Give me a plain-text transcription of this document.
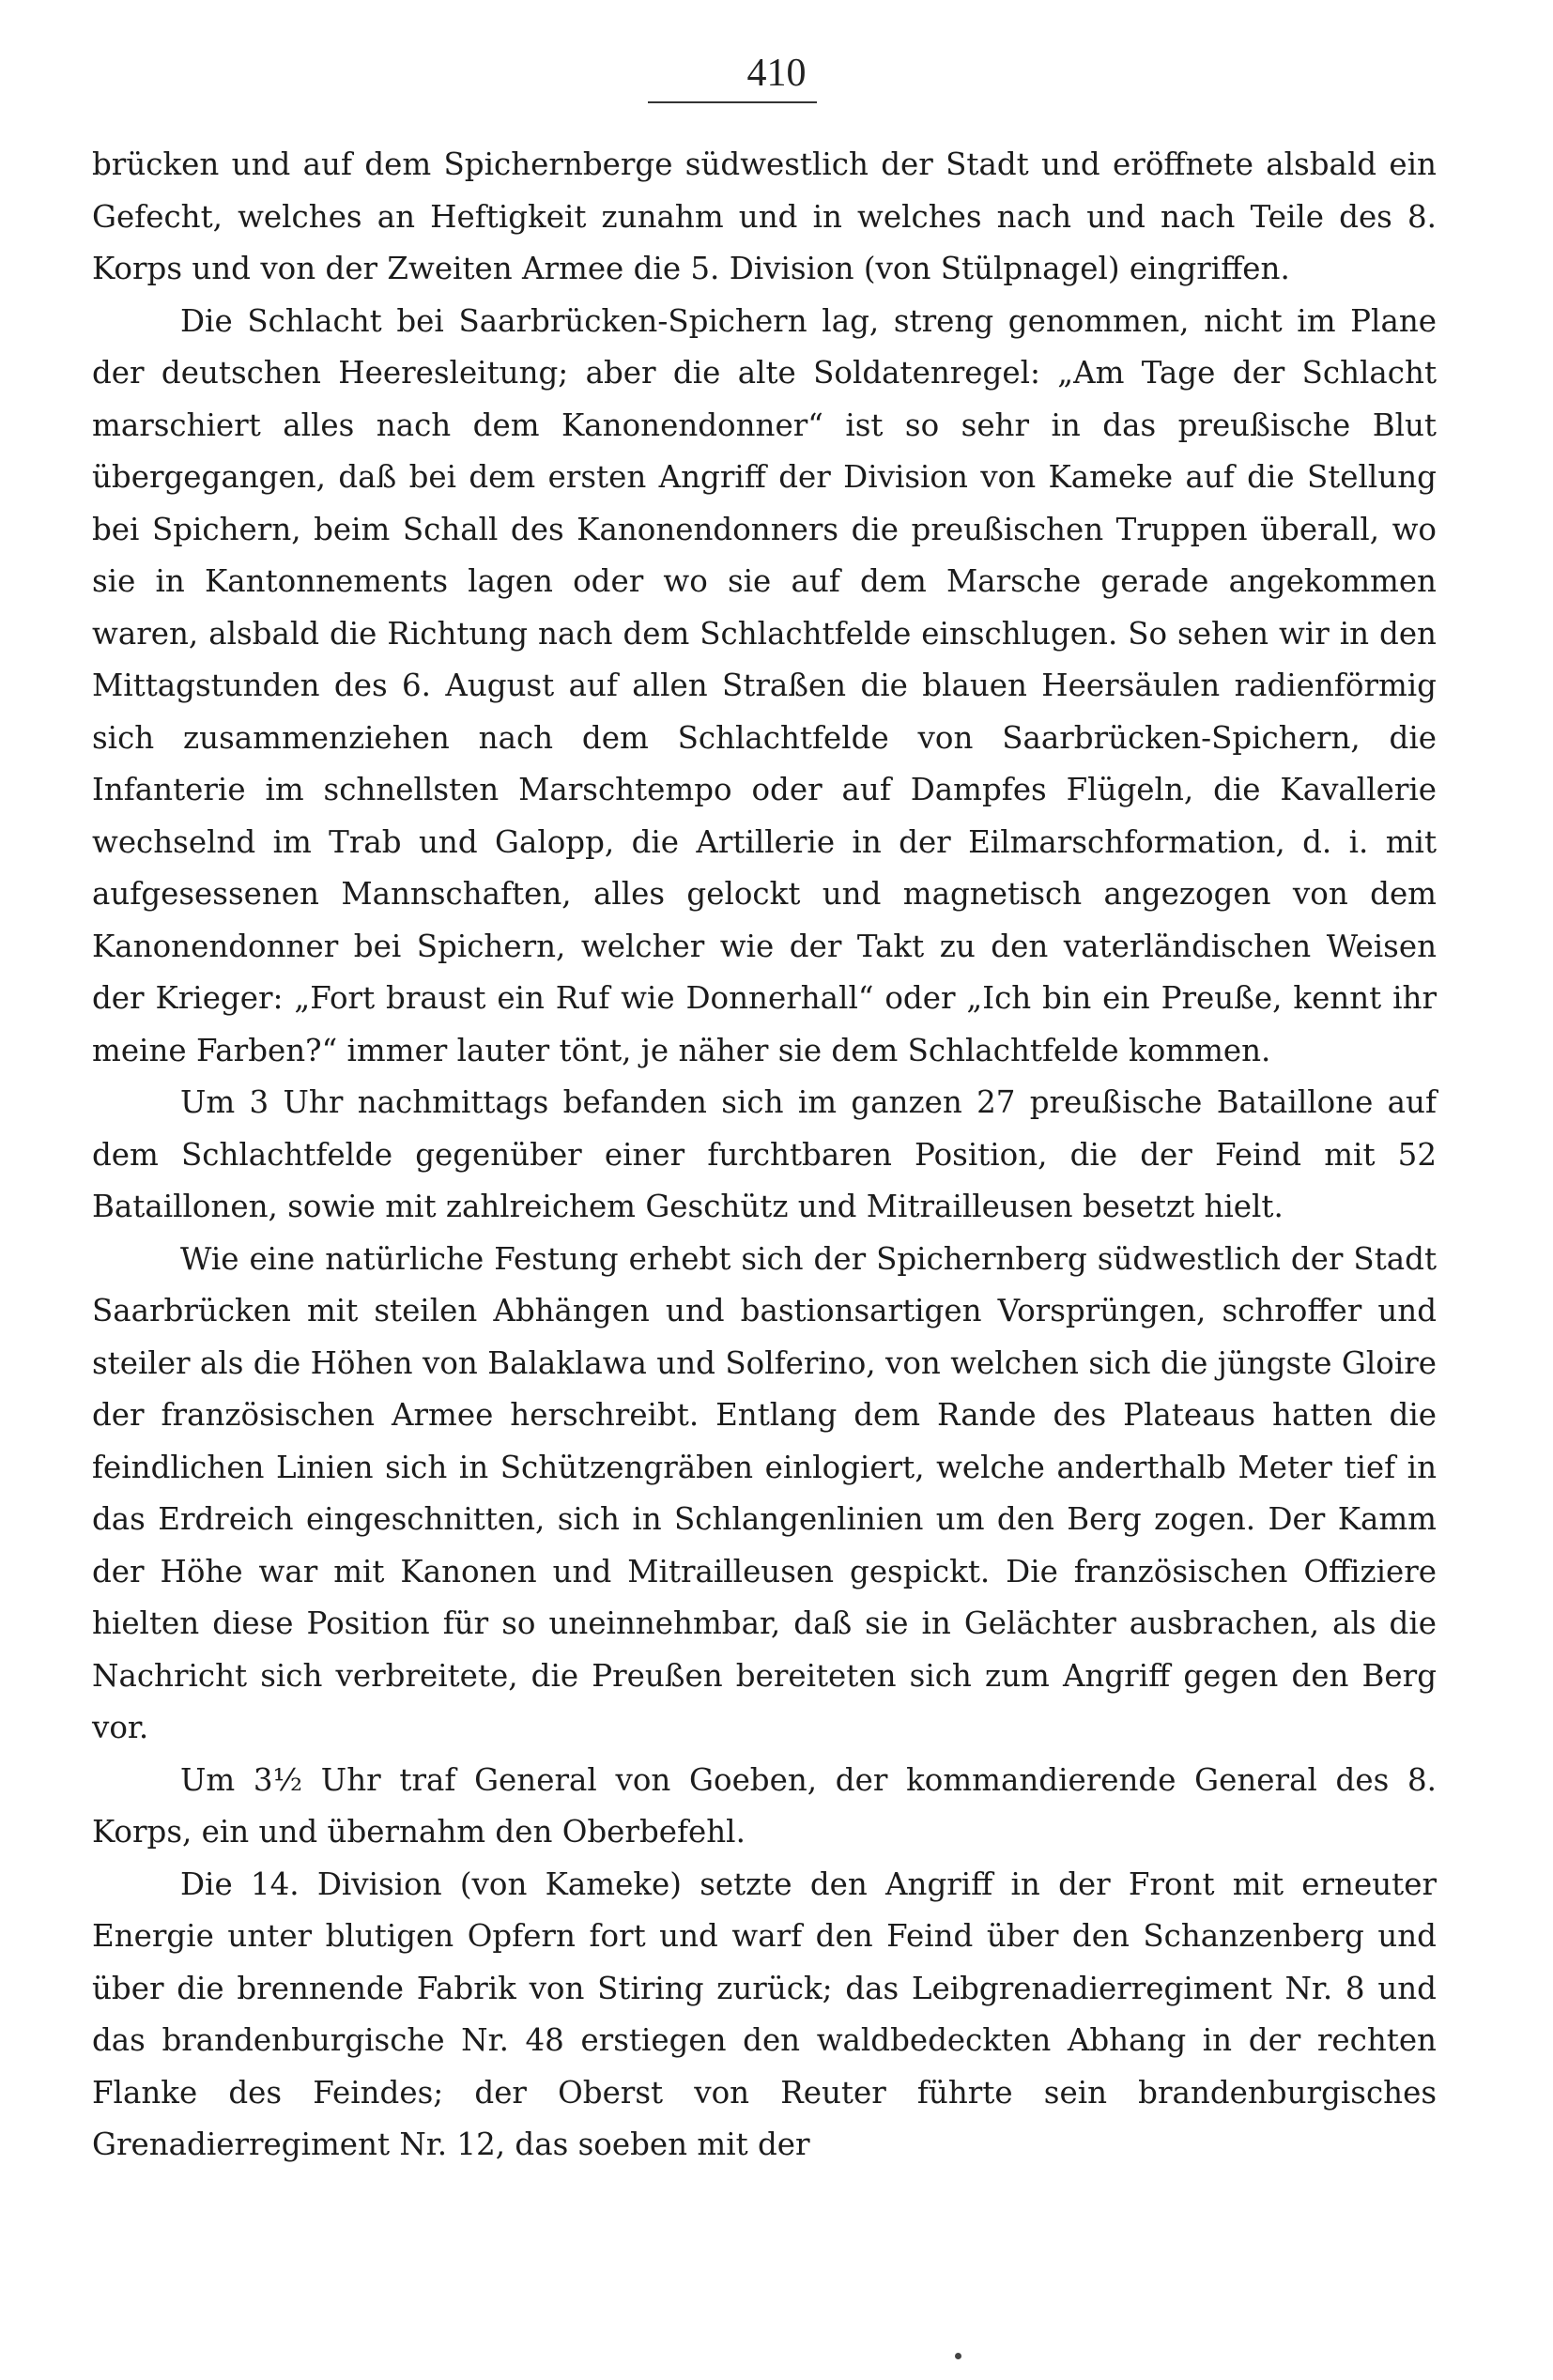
410

brücken und auf dem Spichernberge südwestlich der Stadt und eröffnete alsbald ein Gefecht, welches an Heftigkeit zunahm und in welches nach und nach Teile des 8. Korps und von der Zweiten Armee die 5. Division (von Stülpnagel) eingriffen.

Die Schlacht bei Saarbrücken-Spichern lag, streng genommen, nicht im Plane der deutschen Heeresleitung; aber die alte Soldatenregel: „Am Tage der Schlacht marschiert alles nach dem Kanonendonner“ ist so sehr in das preußische Blut übergegangen, daß bei dem ersten Angriff der Division von Kameke auf die Stellung bei Spichern, beim Schall des Kanonendonners die preußischen Truppen überall, wo sie in Kantonnements lagen oder wo sie auf dem Marsche gerade angekommen waren, alsbald die Richtung nach dem Schlachtfelde einschlugen. So sehen wir in den Mittagstunden des 6. August auf allen Straßen die blauen Heersäulen radienförmig sich zusammenziehen nach dem Schlachtfelde von Saarbrücken-Spichern, die Infanterie im schnellsten Marschtempo oder auf Dampfes Flügeln, die Kavallerie wechselnd im Trab und Galopp, die Artillerie in der Eilmarschformation, d. i. mit aufgesessenen Mannschaften, alles gelockt und magnetisch angezogen von dem Kanonendonner bei Spichern, welcher wie der Takt zu den vaterländischen Weisen der Krieger: „Fort braust ein Ruf wie Donnerhall“ oder „Ich bin ein Preuße, kennt ihr meine Farben?“ immer lauter tönt, je näher sie dem Schlachtfelde kommen.

Um 3 Uhr nachmittags befanden sich im ganzen 27 preußische Bataillone auf dem Schlachtfelde gegenüber einer furchtbaren Position, die der Feind mit 52 Bataillonen, sowie mit zahlreichem Geschütz und Mitrailleusen besetzt hielt.

Wie eine natürliche Festung erhebt sich der Spichernberg südwestlich der Stadt Saarbrücken mit steilen Abhängen und bastionsartigen Vorsprüngen, schroffer und steiler als die Höhen von Balaklawa und Solferino, von welchen sich die jüngste Gloire der französischen Armee herschreibt. Entlang dem Rande des Plateaus hatten die feindlichen Linien sich in Schützengräben einlogiert, welche anderthalb Meter tief in das Erdreich eingeschnitten, sich in Schlangenlinien um den Berg zogen. Der Kamm der Höhe war mit Kanonen und Mitrailleusen gespickt. Die französischen Offiziere hielten diese Position für so uneinnehmbar, daß sie in Gelächter ausbrachen, als die Nachricht sich verbreitete, die Preußen bereiteten sich zum Angriff gegen den Berg vor.

Um 3½ Uhr traf General von Goeben, der kommandierende General des 8. Korps, ein und übernahm den Oberbefehl.

Die 14. Division (von Kameke) setzte den Angriff in der Front mit erneuter Energie unter blutigen Opfern fort und warf den Feind über den Schanzenberg und über die brennende Fabrik von Stiring zurück; das Leibgrenadierregiment Nr. 8 und das brandenburgische Nr. 48 erstiegen den waldbedeckten Abhang in der rechten Flanke des Feindes; der Oberst von Reuter führte sein brandenburgisches Grenadierregiment Nr. 12, das soeben mit der
